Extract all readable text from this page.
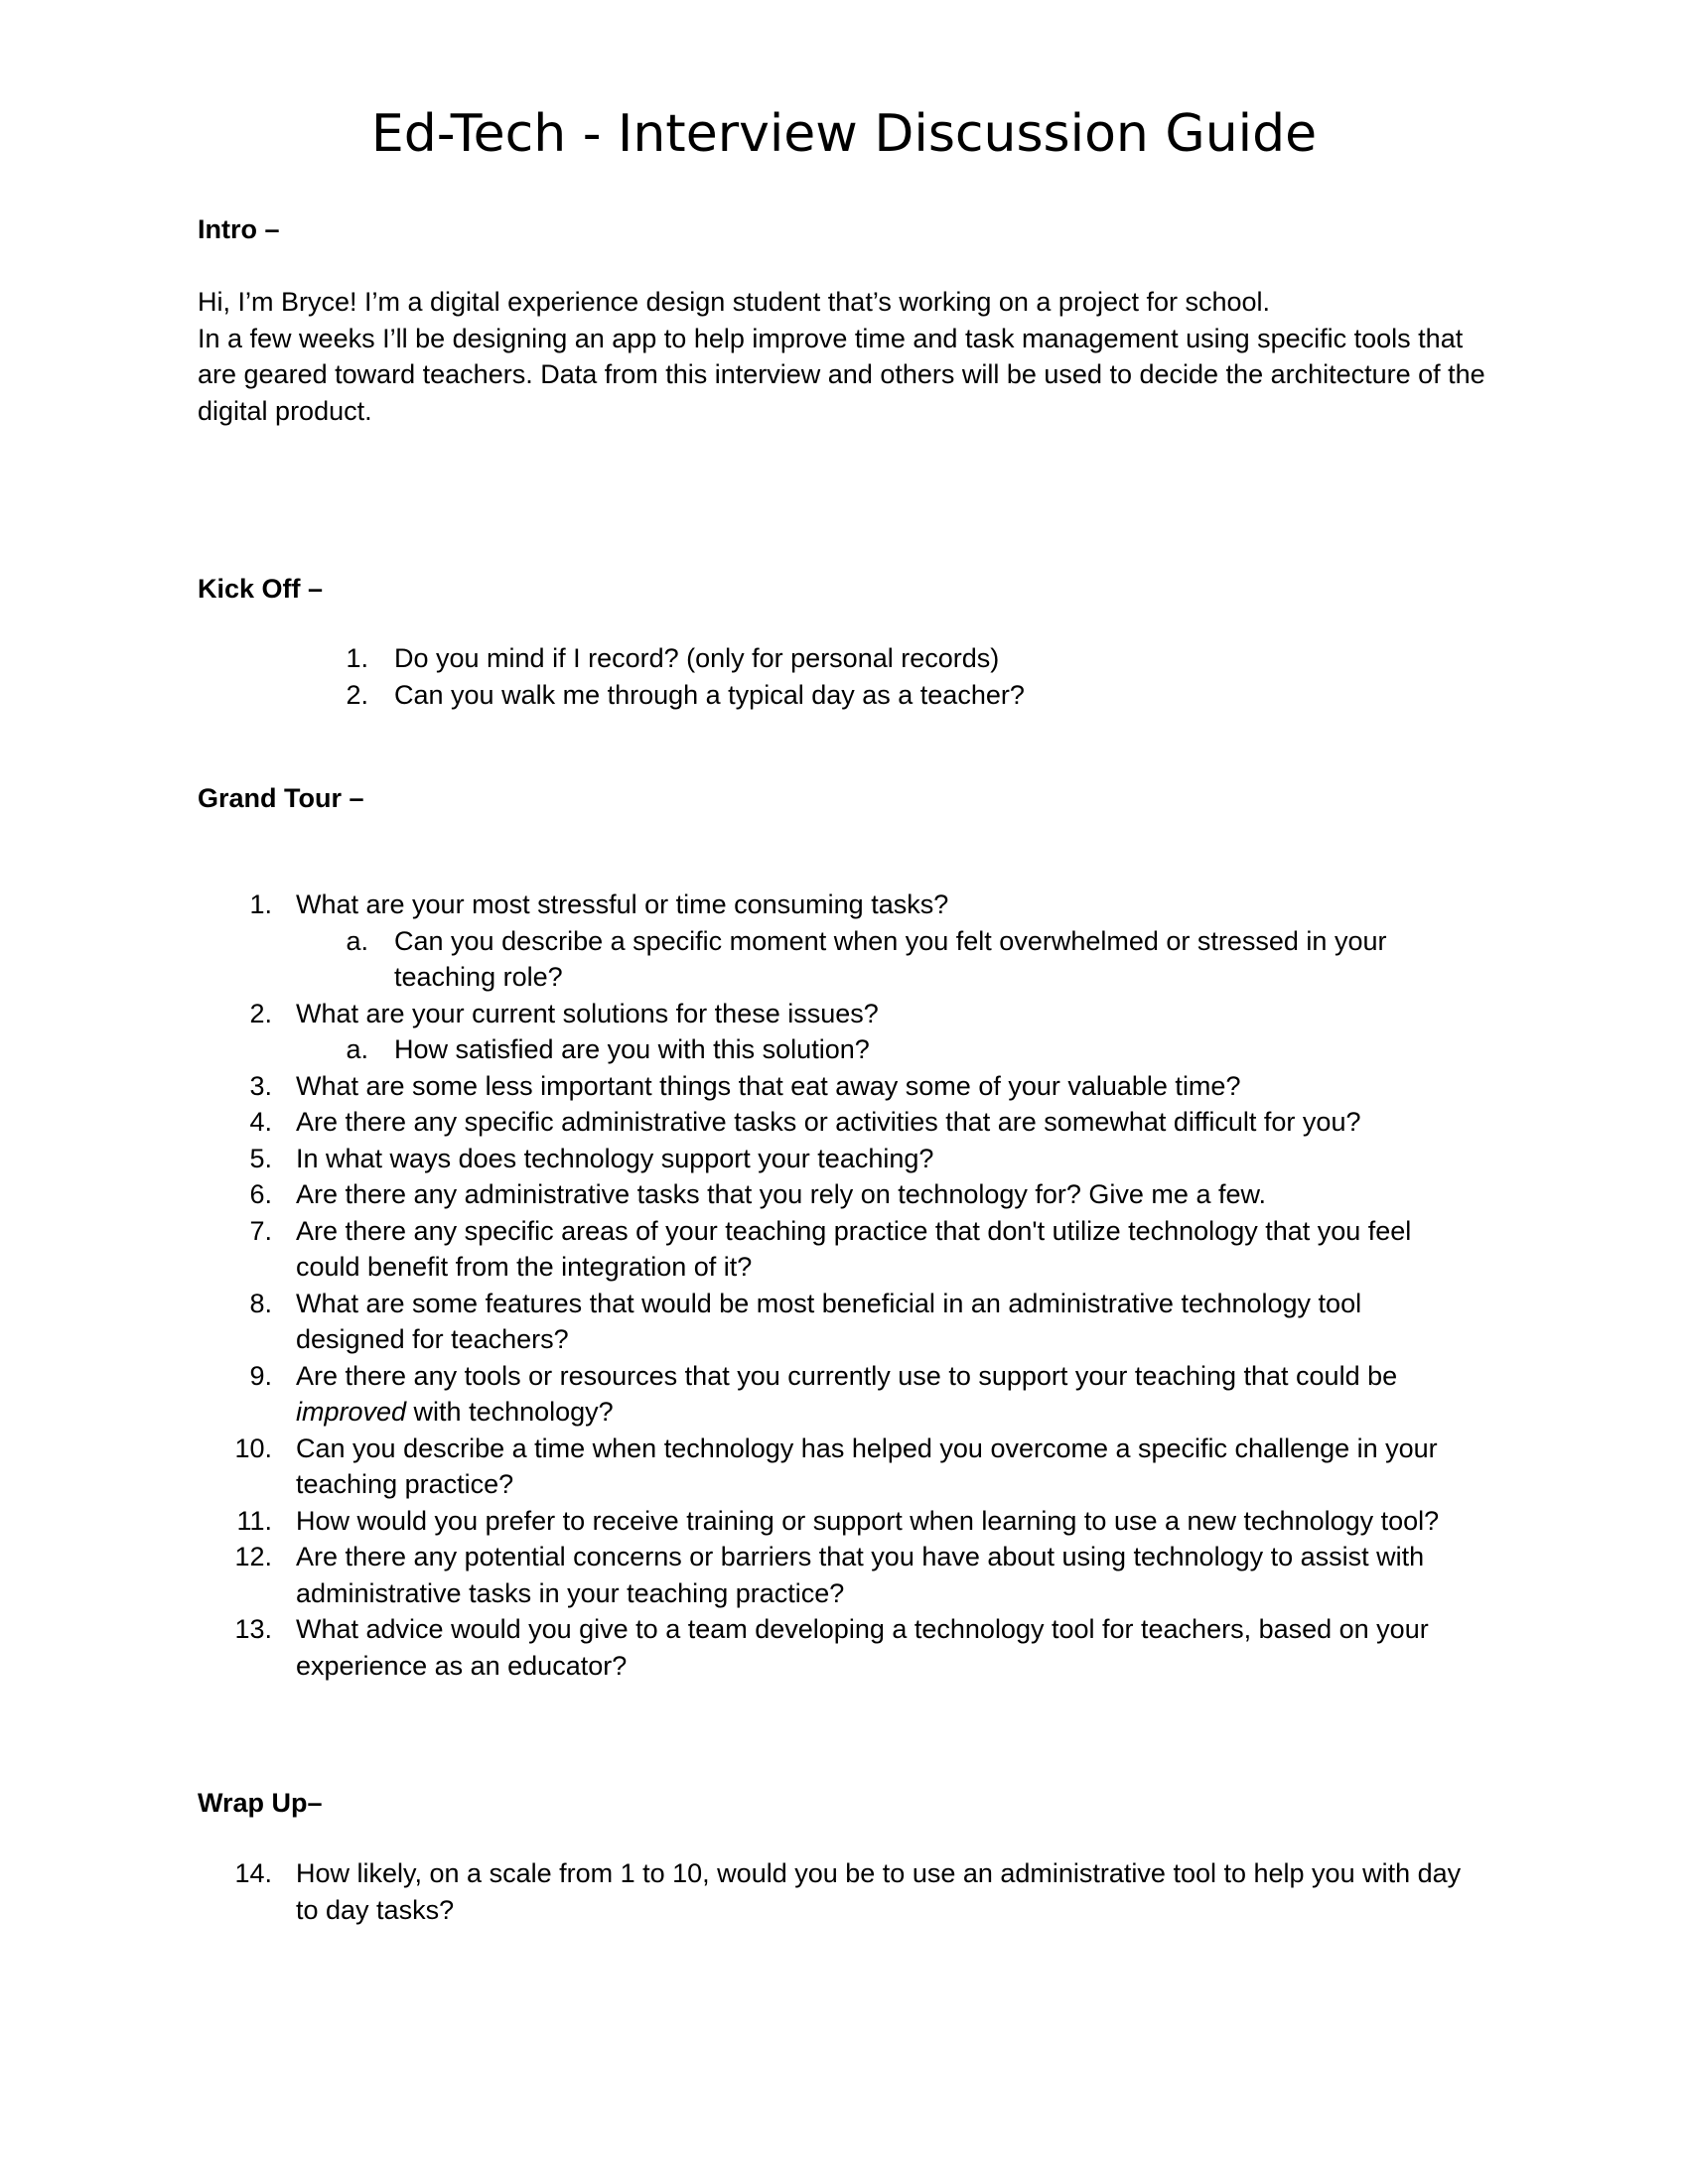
Ed-Tech - Interview Discussion Guide
Intro –

Hi, I’m Bryce! I’m a digital experience design student that’s working on a project for school.

In a few weeks I’ll be designing an app to help improve time and task management using specific tools that are geared toward teachers. Data from this interview and others will be used to decide the architecture of the digital product.

Kick Off –
1. Do you mind if I record? (only for personal records)
2. Can you walk me through a typical day as a teacher?
Grand Tour –
1. What are your most stressful or time consuming tasks?
a. Can you describe a specific moment when you felt overwhelmed or stressed in your teaching role?
2. What are your current solutions for these issues?
a. How satisfied are you with this solution?
3. What are some less important things that eat away some of your valuable time?
4. Are there any specific administrative tasks or activities that are somewhat difficult for you?
5. In what ways does technology support your teaching?
6. Are there any administrative tasks that you rely on technology for? Give me a few.
7. Are there any specific areas of your teaching practice that don't utilize technology that you feel could benefit from the integration of it?
8. What are some features that would be most beneficial in an administrative technology tool designed for teachers?
9. Are there any tools or resources that you currently use to support your teaching that could be improved with technology?
10. Can you describe a time when technology has helped you overcome a specific challenge in your teaching practice?
11. How would you prefer to receive training or support when learning to use a new technology tool?
12. Are there any potential concerns or barriers that you have about using technology to assist with administrative tasks in your teaching practice?
13. What advice would you give to a team developing a technology tool for teachers, based on your experience as an educator?
Wrap Up–
14. How likely, on a scale from 1 to 10, would you be to use an administrative tool to help you with day to day tasks?
